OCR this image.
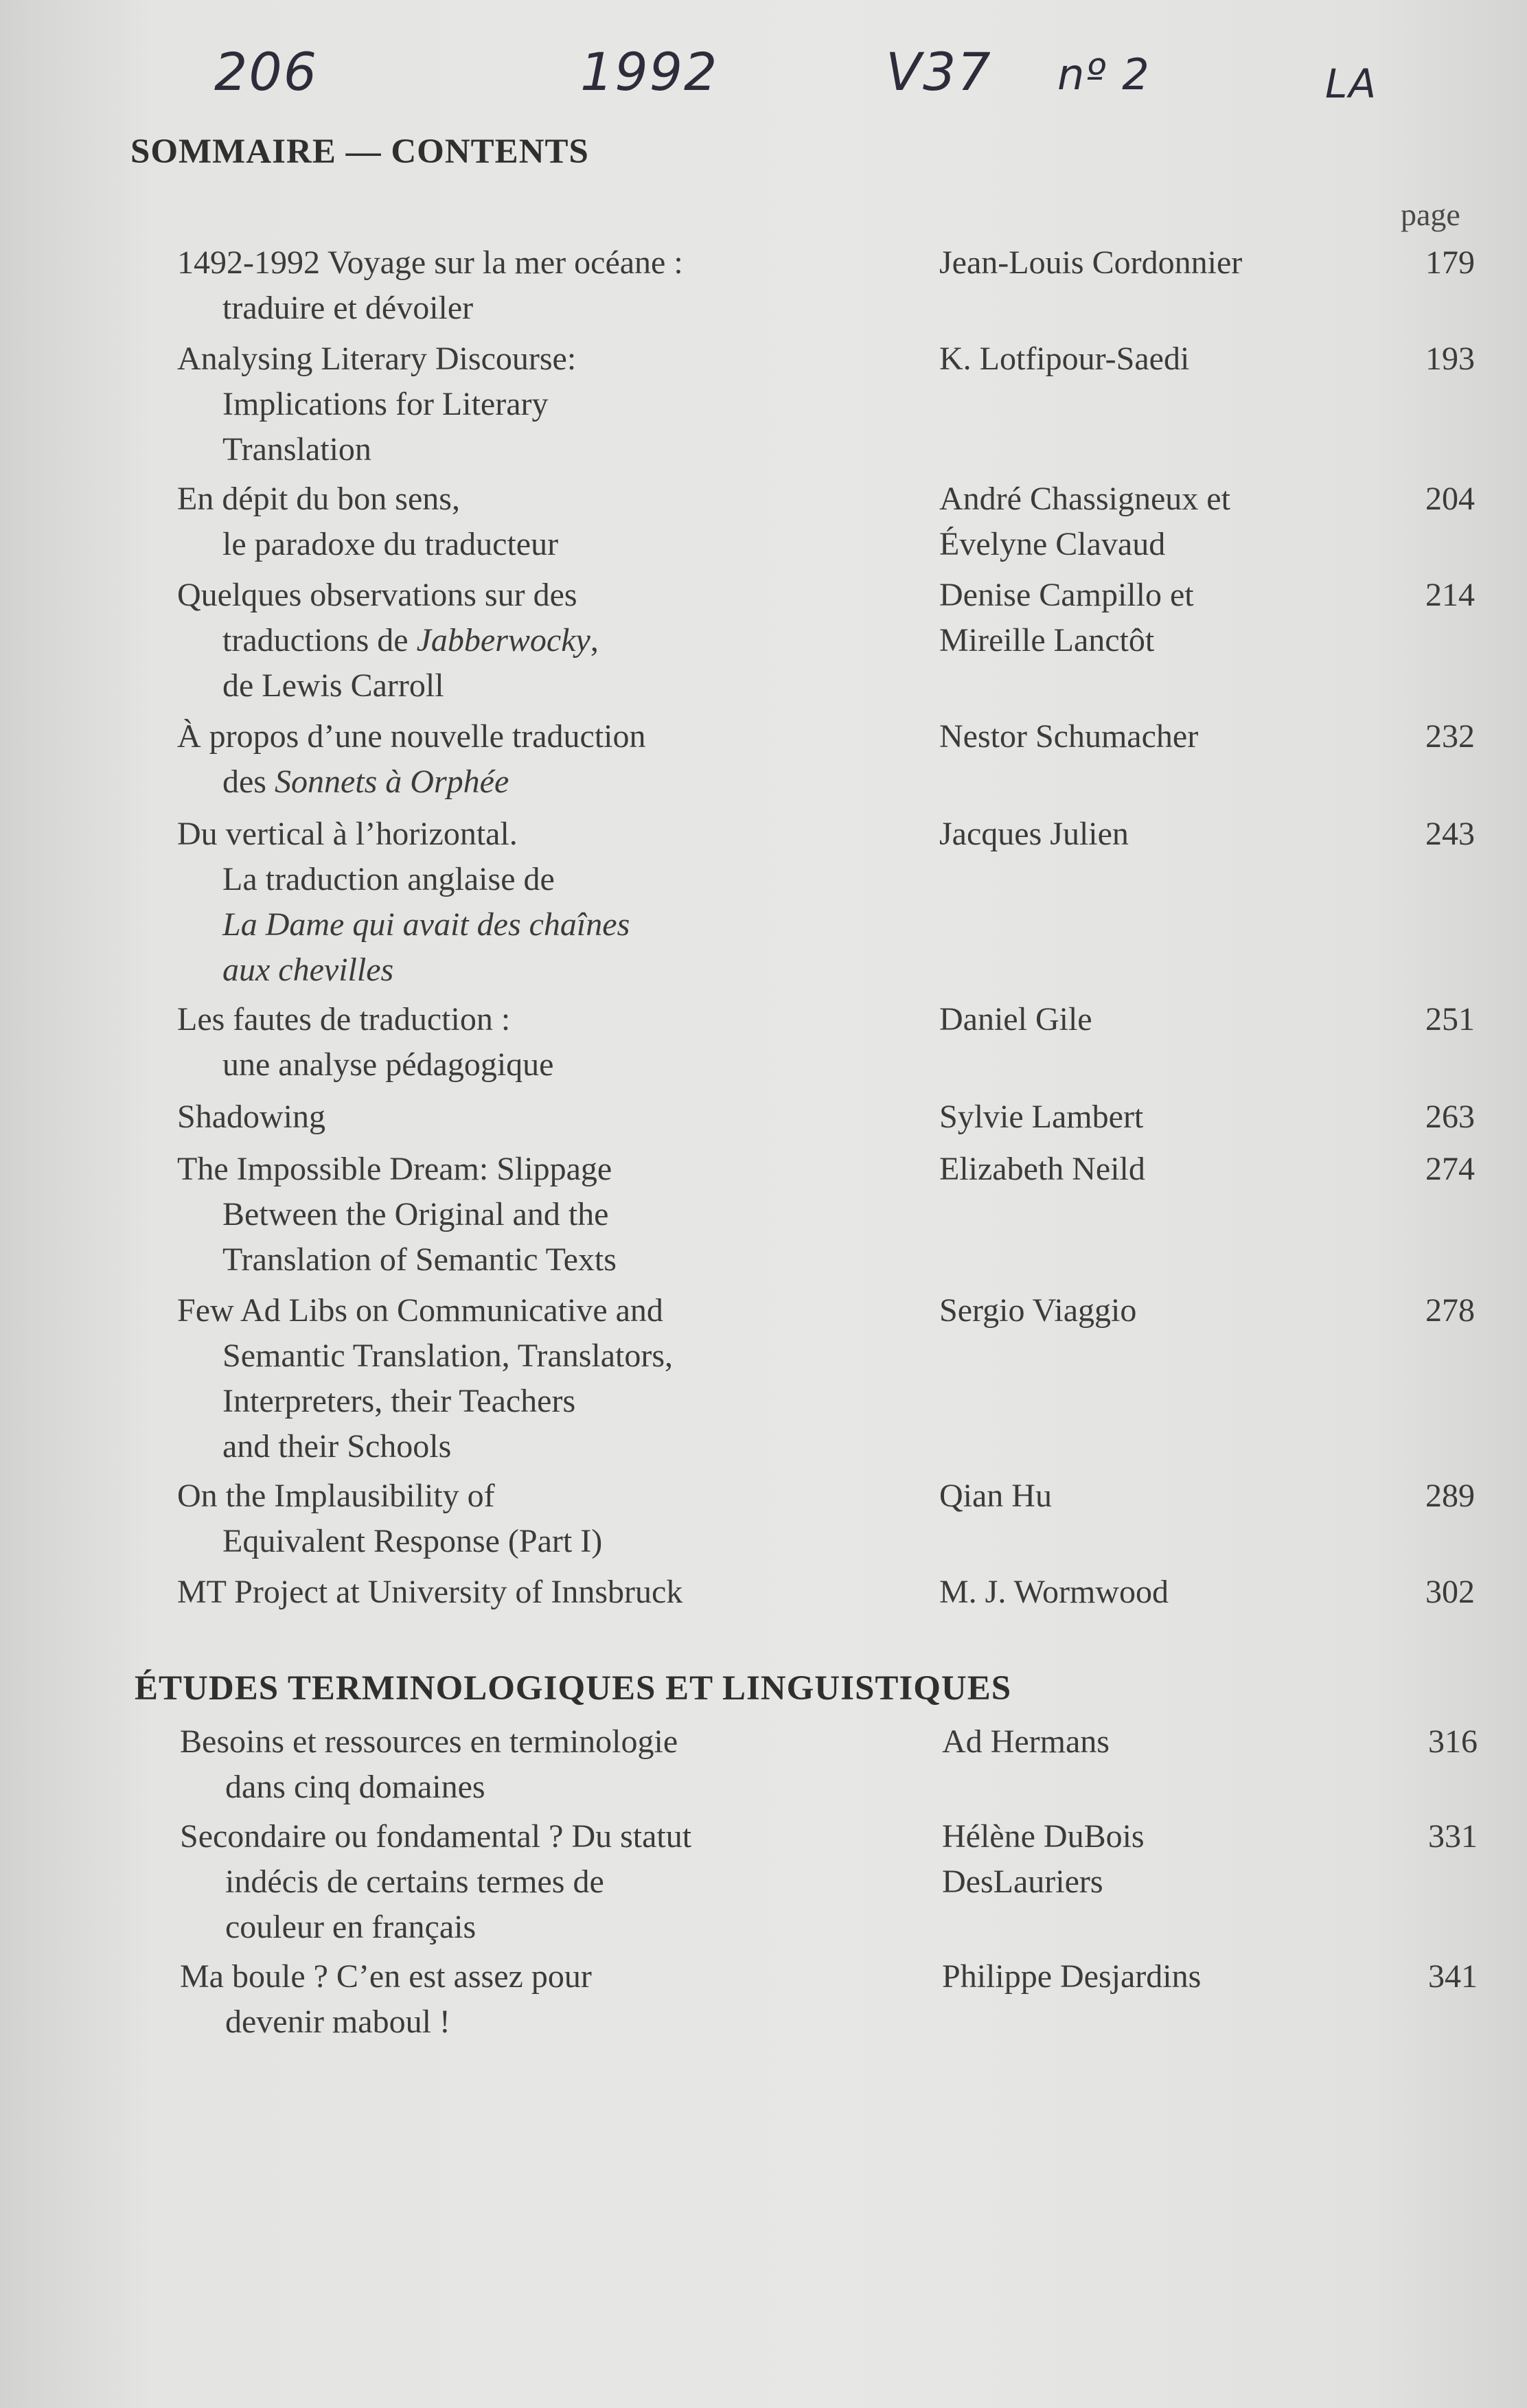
206	1992	V37 nº 2	LA
SOMMAIRE — CONTENTS
page
1492-1992 Voyage sur la mer océane :
traduire et dévoiler
Jean-Louis Cordonnier	179
Analysing Literary Discourse:
Implications for Literary
Translation
K. Lotfipour-Saedi	193
En dépit du bon sens,
le paradoxe du traducteur
André Chassigneux et
Évelyne Clavaud
204
Quelques observations sur des
traductions de Jabberwocky,
de Lewis Carroll
Denise Campillo et
Mireille Lanctôt
214
À propos d’une nouvelle traduction
des Sonnets à Orphée
Nestor Schumacher	232
Du vertical à l’horizontal.
La traduction anglaise de
La Dame qui avait des chaînes
aux chevilles
Jacques Julien	243
Les fautes de traduction :
une analyse pédagogique
Daniel Gile	251
Shadowing	Sylvie Lambert	263
The Impossible Dream: Slippage
Between the Original and the
Translation of Semantic Texts
Elizabeth Neild	274
Few Ad Libs on Communicative and
Semantic Translation, Translators,
Interpreters, their Teachers
and their Schools
Sergio Viaggio	278
On the Implausibility of
Equivalent Response (Part I)
Qian Hu	289
MT Project at University of Innsbruck	M. J. Wormwood	302
ÉTUDES TERMINOLOGIQUES ET LINGUISTIQUES
Besoins et ressources en terminologie
dans cinq domaines
Ad Hermans	316
Secondaire ou fondamental ? Du statut
indécis de certains termes de
couleur en français
Hélène DuBois
DesLauriers
331
Ma boule ? C’en est assez pour
devenir maboul !
Philippe Desjardins	341
